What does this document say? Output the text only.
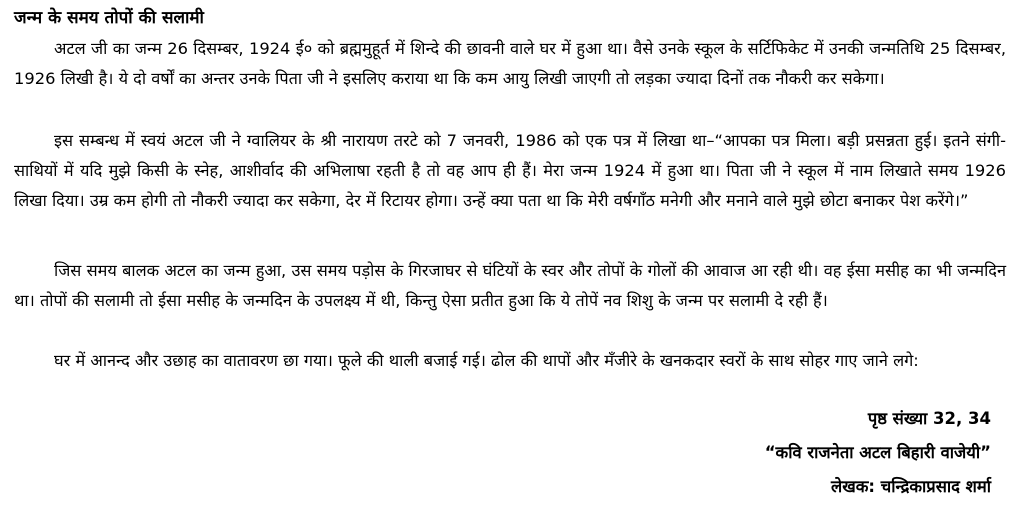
जन्म के समय तोपों की सलामी

अटल जी का जन्म 26 दिसम्बर, 1924 ई० को ब्रह्ममुहूर्त में शिन्दे की छावनी वाले घर में हुआ था। वैसे उनके स्कूल के सर्टिफिकेट में उनकी जन्मतिथि 25 दिसम्बर, 1926 लिखी है। ये दो वर्षों का अन्तर उनके पिता जी ने इसलिए कराया था कि कम आयु लिखी जाएगी तो लड़का ज्यादा दिनों तक नौकरी कर सकेगा।

इस सम्बन्ध में स्वयं अटल जी ने ग्वालियर के श्री नारायण तरटे को 7 जनवरी, 1986 को एक पत्र में लिखा था–“आपका पत्र मिला। बड़ी प्रसन्नता हुई। इतने संगी-साथियों में यदि मुझे किसी के स्नेह, आशीर्वाद की अभिलाषा रहती है तो वह आप ही हैं। मेरा जन्म 1924 में हुआ था। पिता जी ने स्कूल में नाम लिखाते समय 1926 लिखा दिया। उम्र कम होगी तो नौकरी ज्यादा कर सकेगा, देर में रिटायर होगा। उन्हें क्या पता था कि मेरी वर्षगाँठ मनेगी और मनाने वाले मुझे छोटा बनाकर पेश करेंगे।”

जिस समय बालक अटल का जन्म हुआ, उस समय पड़ोस के गिरजाघर से घंटियों के स्वर और तोपों के गोलों की आवाज आ रही थी। वह ईसा मसीह का भी जन्मदिन था। तोपों की सलामी तो ईसा मसीह के जन्मदिन के उपलक्ष्य में थी, किन्तु ऐसा प्रतीत हुआ कि ये तोपें नव शिशु के जन्म पर सलामी दे रही हैं।

घर में आनन्द और उछाह का वातावरण छा गया। फूले की थाली बजाई गई। ढोल की थापों और मँजीरे के खनकदार स्वरों के साथ सोहर गाए जाने लगे:

पृष्ठ संख्या 32, 34
“कवि राजनेता अटल बिहारी वाजेयी”
लेखक: चन्द्रिकाप्रसाद शर्मा
